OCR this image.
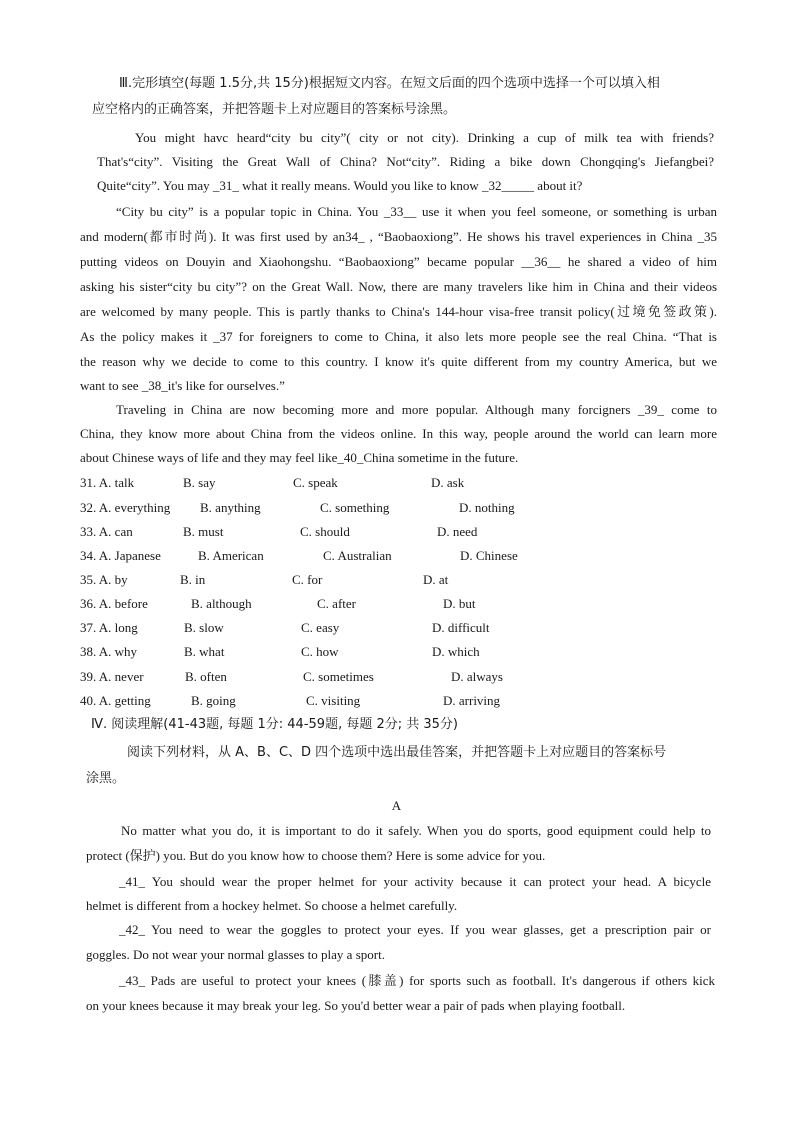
Ⅲ.完形填空(每题 1.5分,共 15分)根据短文内容。在短文后面的四个选项中选择一个可以填入相
应空格内的正确答案，并把答题卡上对应题目的答案标号涂黑。
You might havc heard“city bu city”( city or not city). Drinking a cup of milk tea with friends?
That's“city”. Visiting the Great Wall of China? Not“city”. Riding a bike down Chongqing's Jiefangbei?
Quite“city”. You may _31_ what it really means. Would you like to know _32_____ about it?
“City bu city” is a popular topic in China. You _33__ use it when you feel someone, or something is urban
and modern(都市时尚). It was first used by an34_ , “Baobaoxiong”. He shows his travel experiences in China _35
putting videos on Douyin and Xiaohongshu. “Baobaoxiong” became popular __36__ he shared a video of him
asking his sister“city bu city”? on the Great Wall. Now, there are many travelers like him in China and their videos
are welcomed by many people. This is partly thanks to China's 144-hour visa-free transit policy(过境免签政策).
As the policy makes it _37 for foreigners to come to China, it also lets more people see the real China. “That is
the reason why we decide to come to this country. I know it's quite different from my country America, but we
want to see _38_it's like for ourselves.”
Traveling in China are now becoming more and more popular. Although many forcigners _39_ come to
China, they know more about China from the videos online. In this way, people around the world can learn more
about Chinese ways of life and they may feel like_40_China sometime in the future.
31. A. talk	B. say	C. speak	D. ask
32. A. everything B. anything	C. something	D. nothing
33. A. can	B. must	C. should	D. need
34. A. Japanese	B. American	C. Australian	D. Chinese
35. A. by	B. in	C. for	D. at
36. A. before	B. although	C. after	D. but
37. A. long	B. slow	C. easy	D. difficult
38. A. why	B. what	C. how	D. which
39. A. never	B. often	C. sometimes	D. always
40. A. getting	B. going	C. visiting	D. arriving
Ⅳ. 阅读理解(41-43题, 每题 1分: 44-59题, 每题 2分; 共 35分)
阅读下列材料，从 A、B、C、D 四个选项中选出最佳答案，并把答题卡上对应题目的答案标号
涂黑。
A
No matter what you do, it is important to do it safely. When you do sports, good equipment could help to
protect (保护) you. But do you know how to choose them? Here is some advice for you.
_41_ You should wear the proper helmet for your activity because it can protect your head. A bicycle
helmet is different from a hockey helmet. So choose a helmet carefully.
_42_ You need to wear the goggles to protect your eyes. If you wear glasses, get a prescription pair or
goggles. Do not wear your normal glasses to play a sport.
_43_ Pads are useful to protect your knees (膝盖) for sports such as football. It's dangerous if others kick
on your knees because it may break your leg. So you'd better wear a pair of pads when playing football.
